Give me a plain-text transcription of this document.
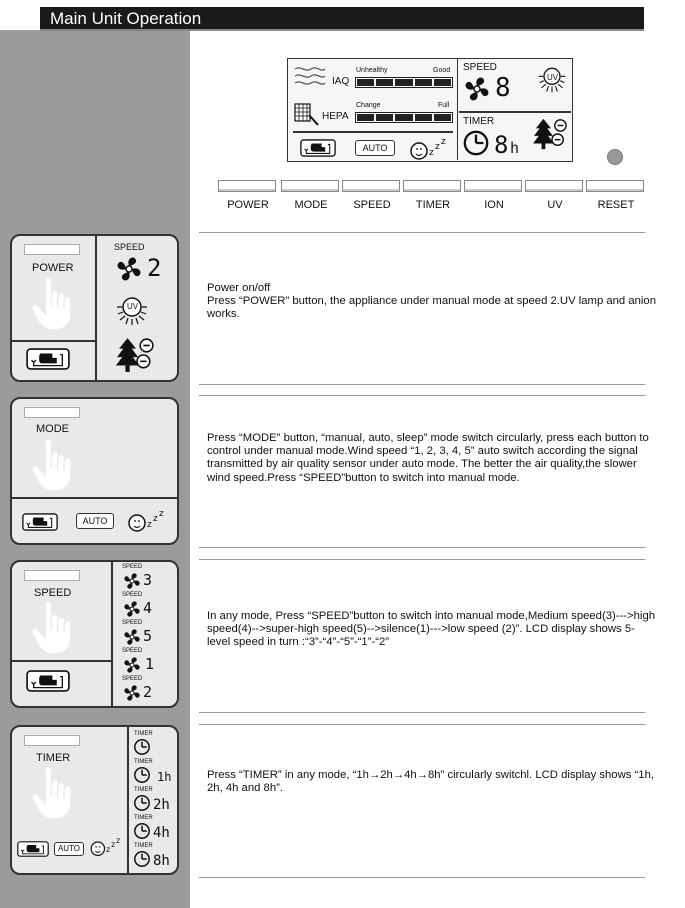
Main Unit Operation
IAQ
Unhealthy	Good
HEPA
Change	Full
AUTO
SPEED
8	UV
TIMER
8 h
POWER	MODE	SPEED	TIMER	ION	UV	RESET
POWER
SPEED
2
UV
MODE
AUTO
SPEED
SPEED
3
SPEED
4
SPEED
5
SPEED
1
SPEED
2
TIMER
AUTO
TIMER
TIMER
1h
TIMER
2h
TIMER
4h
TIMER
8h

Power on/off

Press “POWER” button, the appliance under manual mode at speed 2.UV lamp and anion works.

Press “MODE” button, “manual, auto, sleep” mode switch circularly, press each button to control under manual mode.Wind speed “1, 2, 3, 4, 5” auto switch according the signal transmitted by air quality sensor under auto mode. The better the air quality,the slower wind speed.Press “SPEED”button to switch into manual mode.

In any mode, Press “SPEED”button to switch into manual mode,Medium speed(3)--->high speed(4)-->super-high speed(5)-->silence(1)--->low speed (2)”. LCD display shows 5-level speed in turn :“3”-“4”-“5”-“1”-“2”

Press “TIMER” in any mode, “1h→2h→4h→8h” circularly switchl. LCD display shows “1h, 2h, 4h and 8h”.
